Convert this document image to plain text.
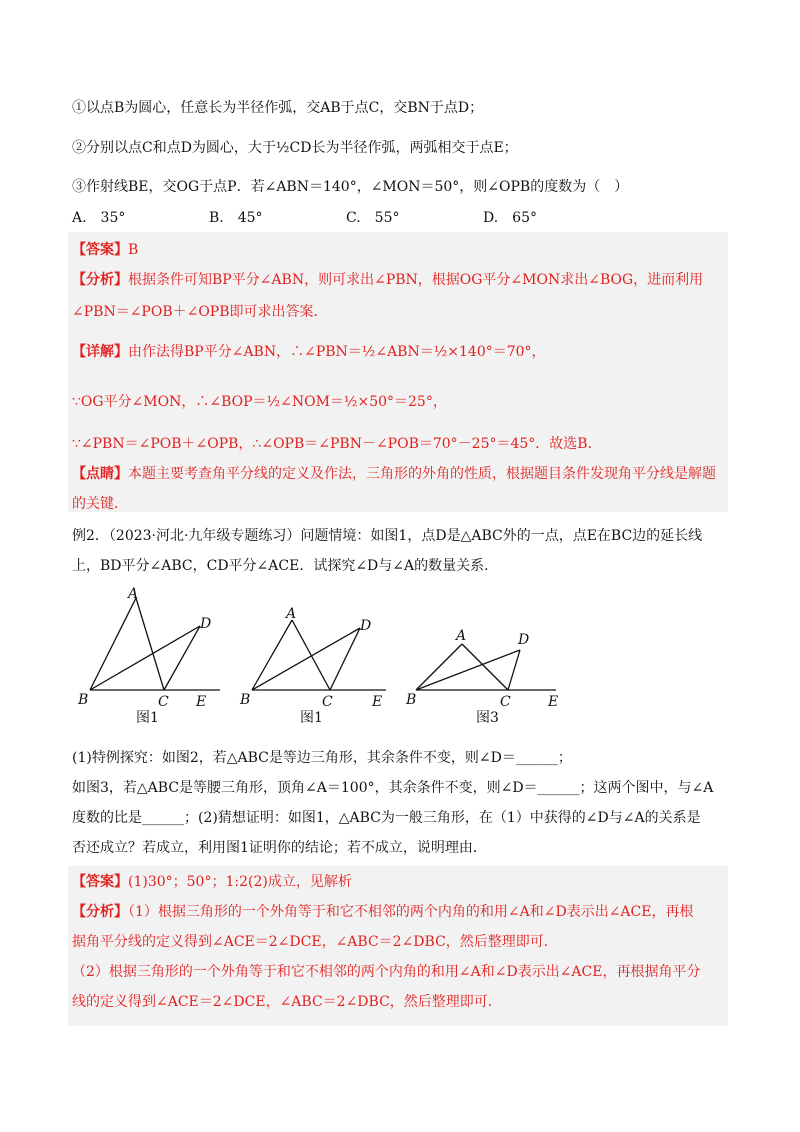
①以点B为圆心，任意长为半径作弧，交AB于点C，交BN于点D；
②分别以点C和点D为圆心，大于½CD长为半径作弧，两弧相交于点E；
③作射线BE，交OG于点P．若∠ABN＝140°，∠MON＝50°，则∠OPB的度数为（　）
A.　35°	B.　45°	C.　55°	D.　65°
【答案】B
【分析】根据条件可知BP平分∠ABN，则可求出∠PBN，根据OG平分∠MON求出∠BOG，进而利用
∠PBN＝∠POB＋∠OPB即可求出答案．
【详解】由作法得BP平分∠ABN，∴∠PBN＝½∠ABN＝½×140°＝70°，
∵OG平分∠MON，∴∠BOP＝½∠NOM＝½×50°＝25°，
∵∠PBN＝∠POB＋∠OPB，∴∠OPB＝∠PBN－∠POB＝70°－25°＝45°．故选B．
【点睛】本题主要考查角平分线的定义及作法，三角形的外角的性质，根据题目条件发现角平分线是解题
的关键．
例2．（2023·河北·九年级专题练习）问题情境：如图1，点D是△ABC外的一点，点E在BC边的延长线
上，BD平分∠ABC，CD平分∠ACE．试探究∠D与∠A的数量关系．
A
D
B	C E
图1
A
D
B	C	E
图1
A	D
B	C	E
图3
(1)特例探究：如图2，若△ABC是等边三角形，其余条件不变，则∠D＝______；
如图3，若△ABC是等腰三角形，顶角∠A＝100°，其余条件不变，则∠D＝______；这两个图中，与∠A
度数的比是______；(2)猜想证明：如图1，△ABC为一般三角形，在（1）中获得的∠D与∠A的关系是
否还成立？若成立，利用图1证明你的结论；若不成立，说明理由．
【答案】(1)30°；50°；1:2(2)成立，见解析
【分析】（1）根据三角形的一个外角等于和它不相邻的两个内角的和用∠A和∠D表示出∠ACE，再根
据角平分线的定义得到∠ACE＝2∠DCE，∠ABC＝2∠DBC，然后整理即可．
（2）根据三角形的一个外角等于和它不相邻的两个内角的和用∠A和∠D表示出∠ACE，再根据角平分
线的定义得到∠ACE＝2∠DCE，∠ABC＝2∠DBC，然后整理即可．
